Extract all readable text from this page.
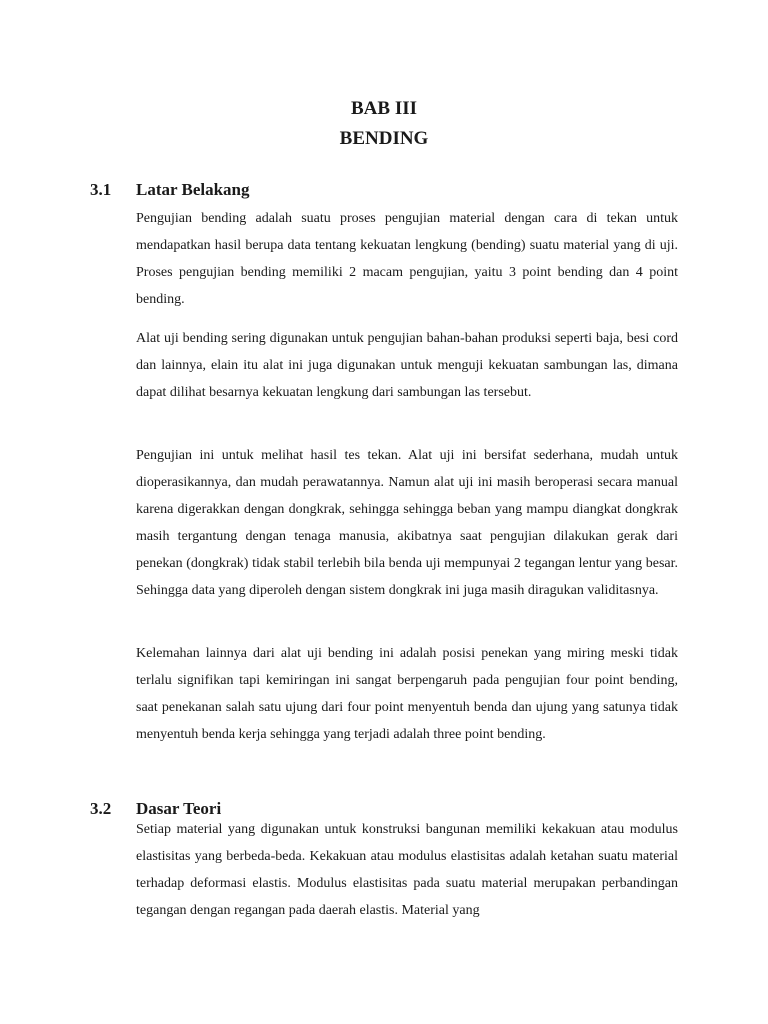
BAB III
BENDING
3.1 Latar Belakang

Pengujian bending adalah suatu proses pengujian material dengan cara di tekan untuk mendapatkan hasil berupa data tentang kekuatan lengkung (bending) suatu material yang di uji. Proses pengujian bending memiliki 2 macam pengujian, yaitu 3 point bending dan 4 point bending.

Alat uji bending sering digunakan untuk pengujian bahan-bahan produksi seperti baja, besi cord dan lainnya, elain itu alat ini juga digunakan untuk menguji kekuatan sambungan las, dimana dapat dilihat besarnya kekuatan lengkung dari sambungan las tersebut.

Pengujian ini untuk melihat hasil tes tekan. Alat uji ini bersifat sederhana, mudah untuk dioperasikannya, dan mudah perawatannya. Namun alat uji ini masih beroperasi secara manual karena digerakkan dengan dongkrak, sehingga sehingga beban yang mampu diangkat dongkrak masih tergantung dengan tenaga manusia, akibatnya saat pengujian dilakukan gerak dari penekan (dongkrak) tidak stabil terlebih bila benda uji mempunyai 2 tegangan lentur yang besar. Sehingga data yang diperoleh dengan sistem dongkrak ini juga masih diragukan validitasnya.

Kelemahan lainnya dari alat uji bending ini adalah posisi penekan yang miring meski tidak terlalu signifikan tapi kemiringan ini sangat berpengaruh pada pengujian four point bending, saat penekanan salah satu ujung dari four point menyentuh benda dan ujung yang satunya tidak menyentuh benda kerja sehingga yang terjadi adalah three point bending.

3.2 Dasar Teori

Setiap material yang digunakan untuk konstruksi bangunan memiliki kekakuan atau modulus elastisitas yang berbeda-beda. Kekakuan atau modulus elastisitas adalah ketahan suatu material terhadap deformasi elastis. Modulus elastisitas pada suatu material merupakan perbandingan tegangan dengan regangan pada daerah elastis. Material yang
